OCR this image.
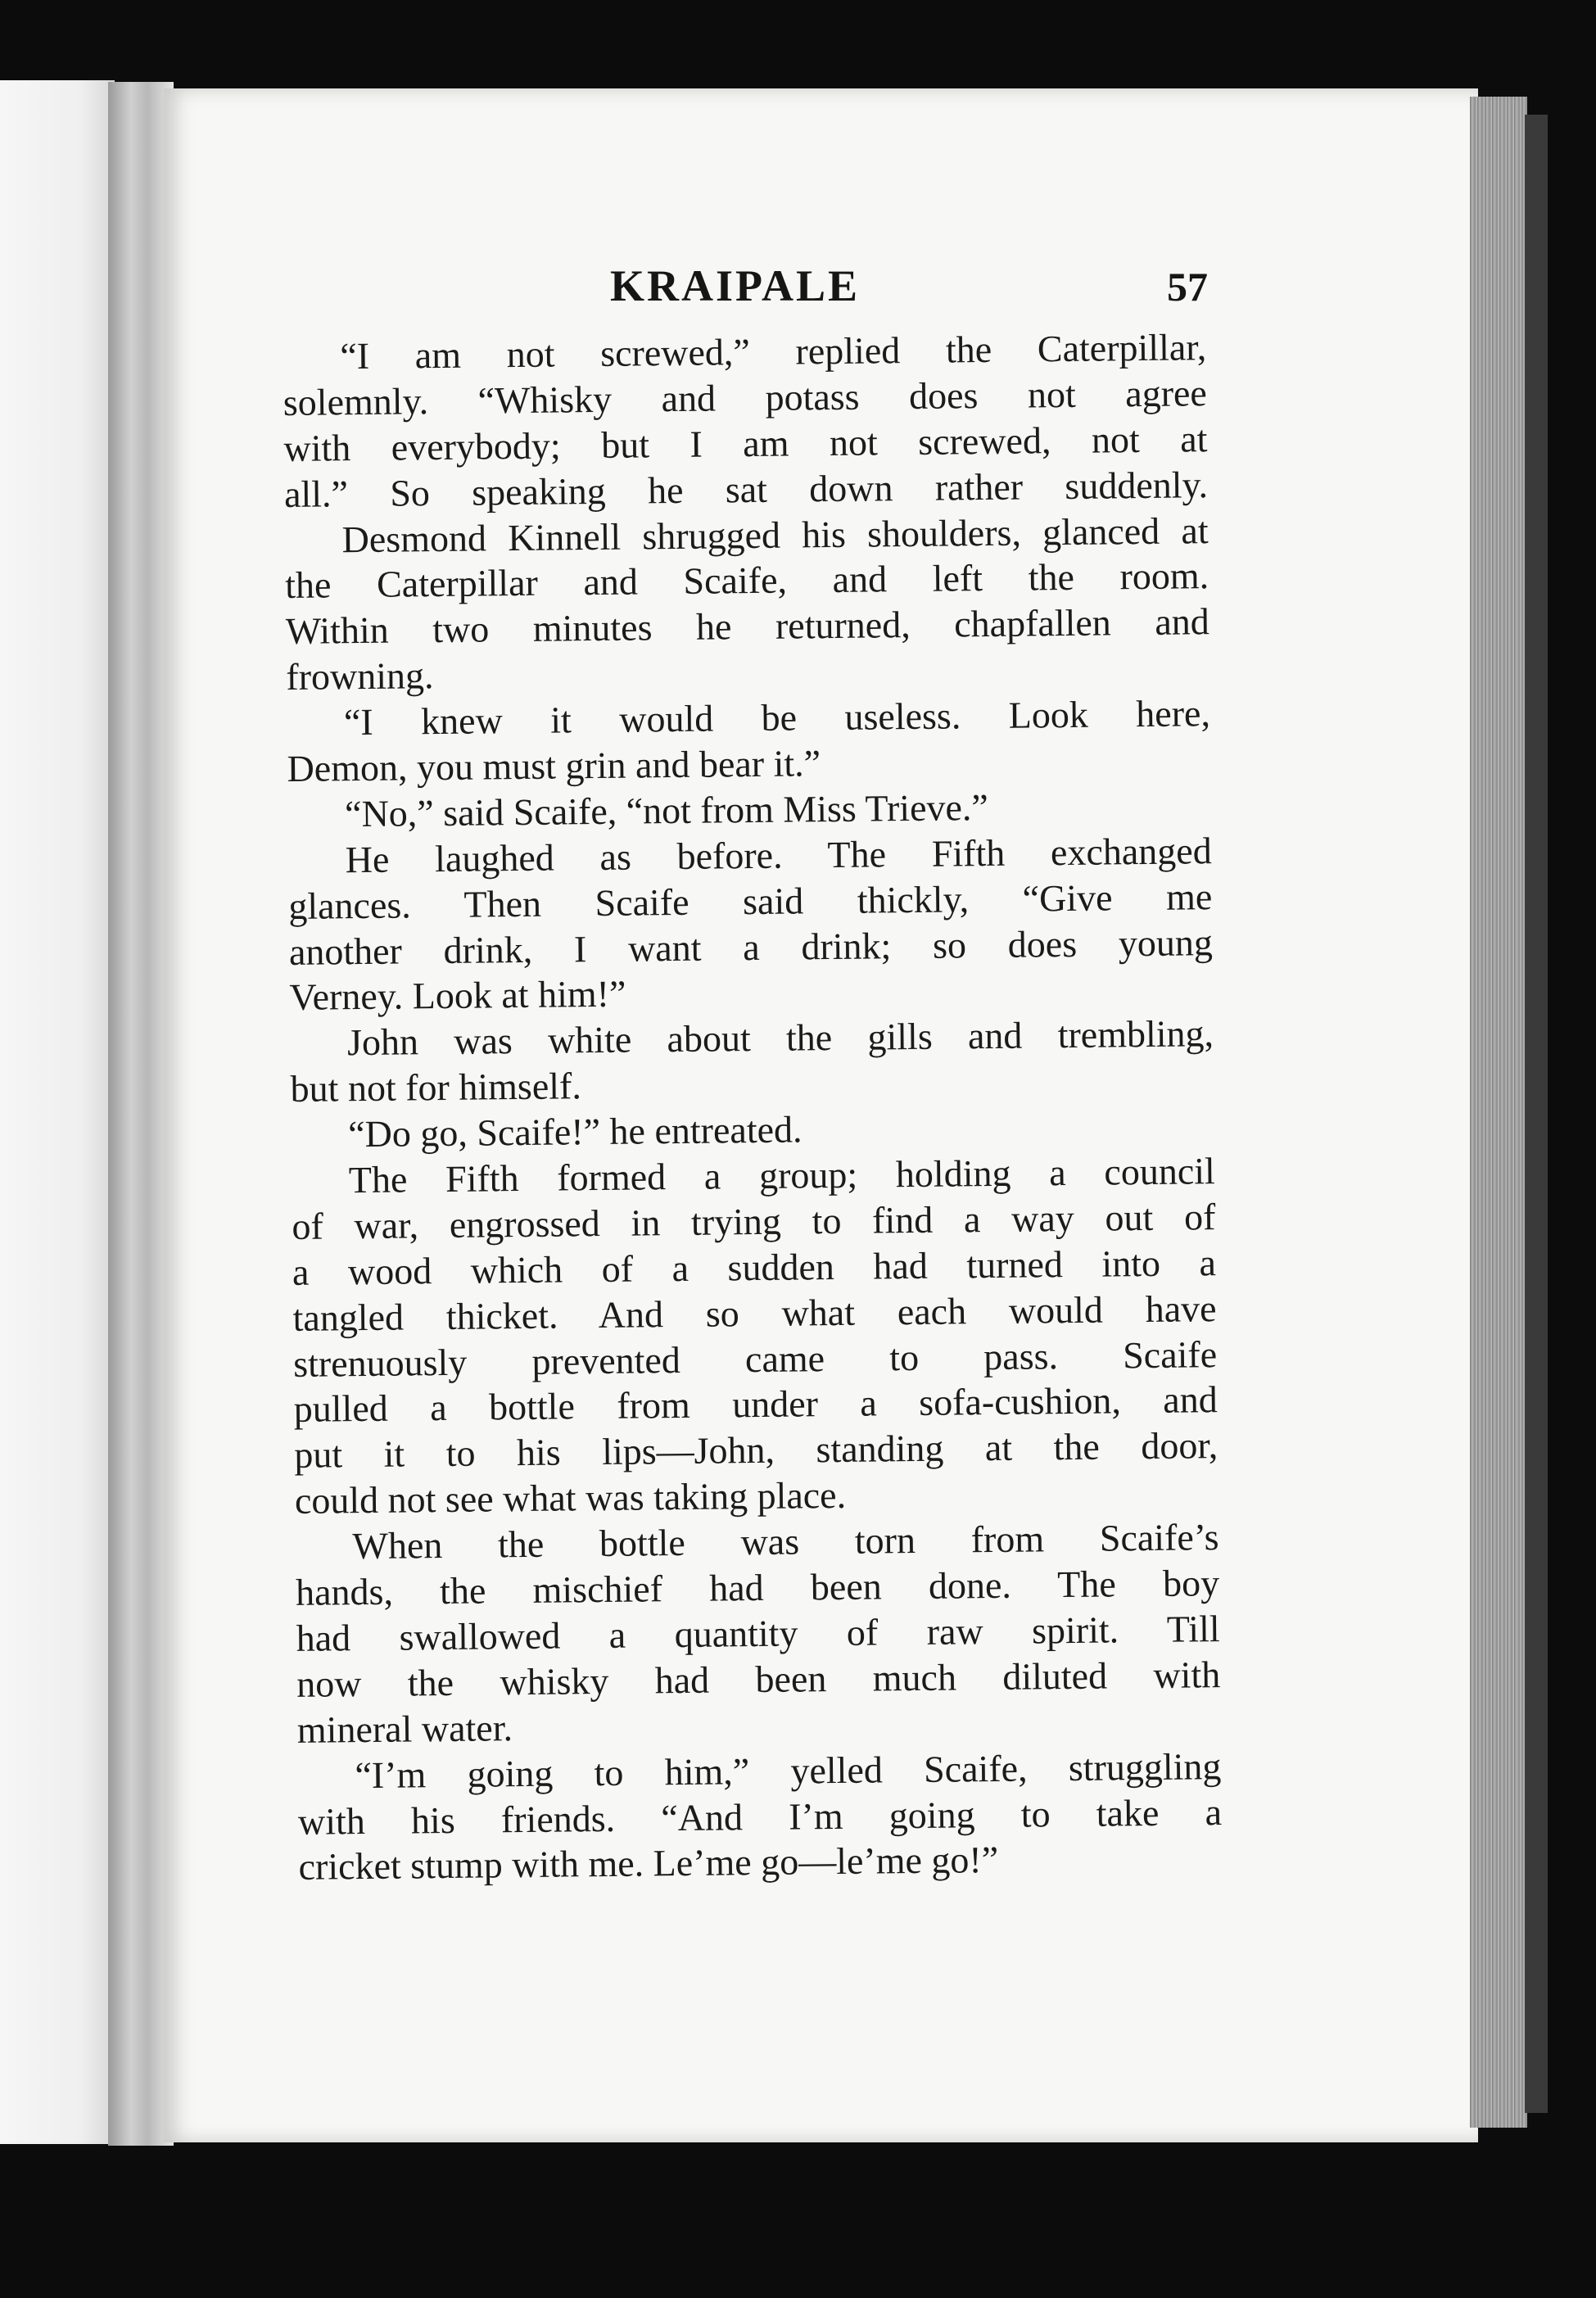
KRAIPALE	57
“I am not screwed,” replied the Caterpillar,
solemnly. “Whisky and potass does not agree
with everybody; but I am not screwed, not at
all.” So speaking he sat down rather suddenly.
Desmond Kinnell shrugged his shoulders, glanced at
the Caterpillar and Scaife, and left the room.
Within two minutes he returned, chapfallen and
frowning.
“I knew it would be useless. Look here,
Demon, you must grin and bear it.”
“No,” said Scaife, “not from Miss Trieve.”
He laughed as before. The Fifth exchanged
glances. Then Scaife said thickly, “Give me
another drink, I want a drink; so does young
Verney. Look at him!”
John was white about the gills and trembling,
but not for himself.
“Do go, Scaife!” he entreated.
The Fifth formed a group; holding a council
of war, engrossed in trying to find a way out of
a wood which of a sudden had turned into a
tangled thicket. And so what each would have
strenuously prevented came to pass. Scaife
pulled a bottle from under a sofa-cushion, and
put it to his lips—John, standing at the door,
could not see what was taking place.
When the bottle was torn from Scaife’s
hands, the mischief had been done. The boy
had swallowed a quantity of raw spirit. Till
now the whisky had been much diluted with
mineral water.
“I’m going to him,” yelled Scaife, struggling
with his friends. “And I’m going to take a
cricket stump with me. Le’me go—le’me go!”
